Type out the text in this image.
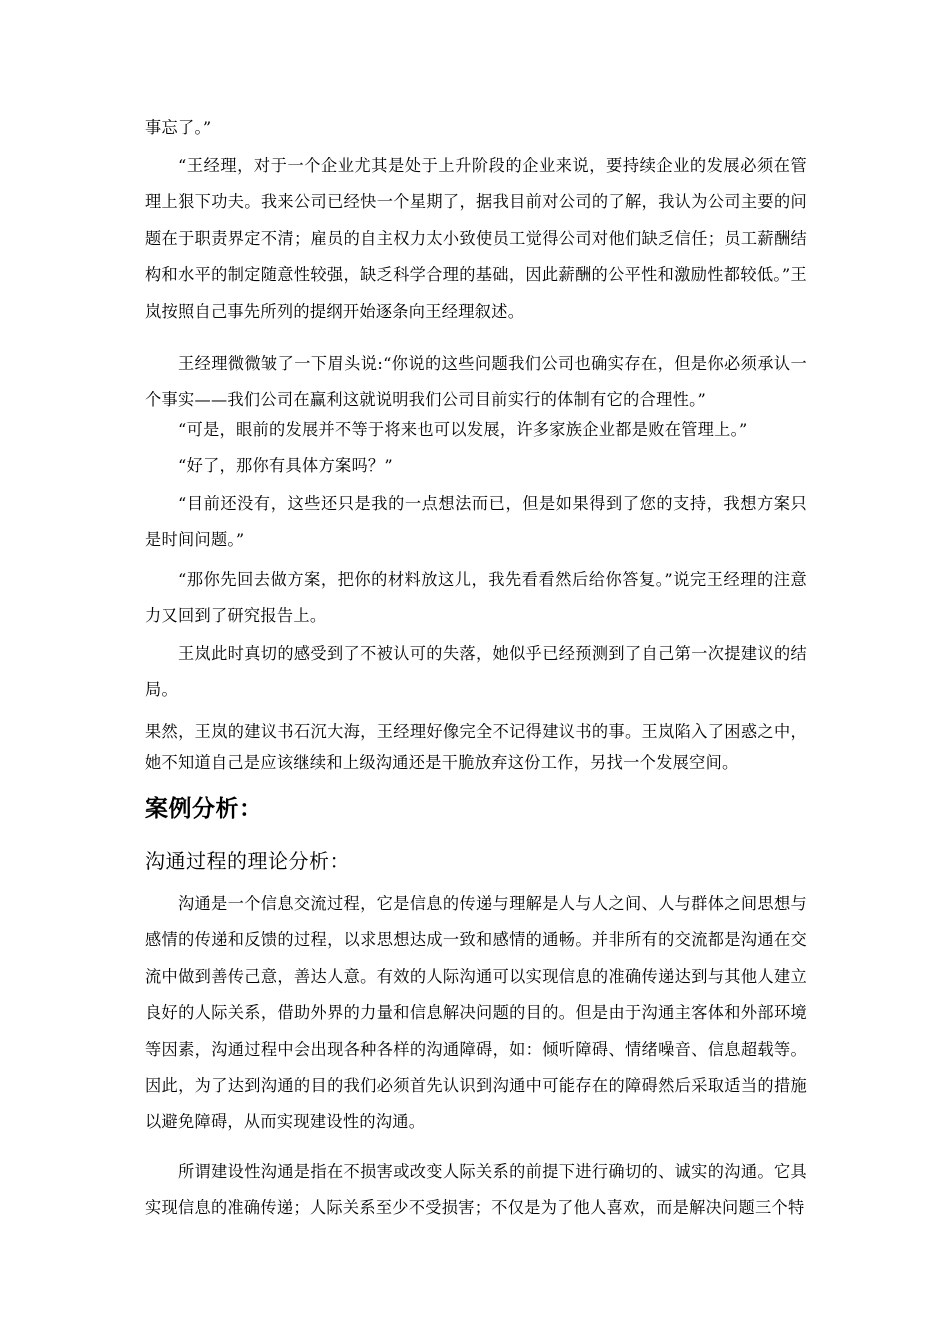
事忘了。”

“王经理，对于一个企业尤其是处于上升阶段的企业来说，要持续企业的发展必须在管理上狠下功夫。我来公司已经快一个星期了，据我目前对公司的了解，我认为公司主要的问题在于职责界定不清；雇员的自主权力太小致使员工觉得公司对他们缺乏信任；员工薪酬结构和水平的制定随意性较强，缺乏科学合理的基础，因此薪酬的公平性和激励性都较低。”王岚按照自己事先所列的提纲开始逐条向王经理叙述。

王经理微微皱了一下眉头说:“你说的这些问题我们公司也确实存在，但是你必须承认一个事实——我们公司在赢利这就说明我们公司目前实行的体制有它的合理性。”

“可是，眼前的发展并不等于将来也可以发展，许多家族企业都是败在管理上。”

“好了，那你有具体方案吗？”

“目前还没有，这些还只是我的一点想法而已，但是如果得到了您的支持，我想方案只是时间问题。”

“那你先回去做方案，把你的材料放这儿，我先看看然后给你答复。”说完王经理的注意力又回到了研究报告上。

王岚此时真切的感受到了不被认可的失落，她似乎已经预测到了自己第一次提建议的结局。

果然，王岚的建议书石沉大海，王经理好像完全不记得建议书的事。王岚陷入了困惑之中，她不知道自己是应该继续和上级沟通还是干脆放弃这份工作，另找一个发展空间。

案例分析：
沟通过程的理论分析：

沟通是一个信息交流过程，它是信息的传递与理解是人与人之间、人与群体之间思想与感情的传递和反馈的过程，以求思想达成一致和感情的通畅。并非所有的交流都是沟通在交流中做到善传己意，善达人意。有效的人际沟通可以实现信息的准确传递达到与其他人建立良好的人际关系，借助外界的力量和信息解决问题的目的。但是由于沟通主客体和外部环境等因素，沟通过程中会出现各种各样的沟通障碍，如：倾听障碍、情绪噪音、信息超载等。因此，为了达到沟通的目的我们必须首先认识到沟通中可能存在的障碍然后采取适当的措施以避免障碍，从而实现建设性的沟通。

所谓建设性沟通是指在不损害或改变人际关系的前提下进行确切的、诚实的沟通。它具实现信息的准确传递；人际关系至少不受损害；不仅是为了他人喜欢，而是解决问题三个特
